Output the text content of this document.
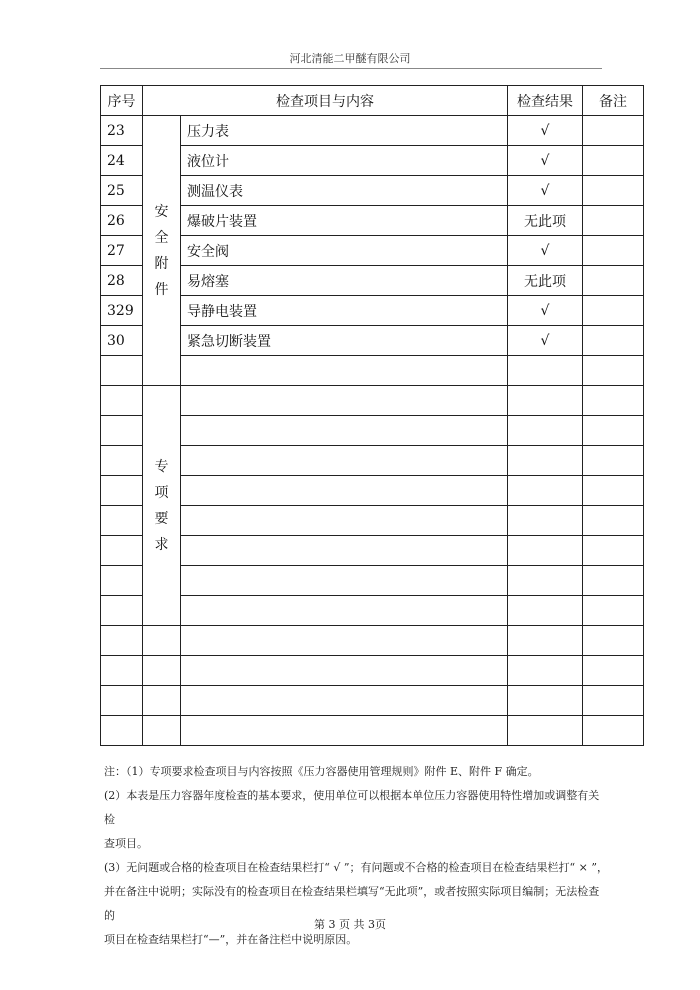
河北清能二甲醚有限公司
序号	检查项目与内容		检查结果	备注
23	安全附件	压力表	√	
24		液位计	√	
25		测温仪表	√	
26		爆破片装置	无此项	
27		安全阀	√	
28		易熔塞	无此项	
329		导静电装置	√	
30		紧急切断装置	√	

	专项要求			

注：（1）专项要求检查项目与内容按照《压力容器使用管理规则》附件 E、附件 F 确定。

(2）本表是压力容器年度检查的基本要求，使用单位可以根据本单位压力容器使用特性增加或调整有关检

查项目。

(3）无问题或合格的检查项目在检查结果栏打“ √ ”；有问题或不合格的检查项目在检查结果栏打“ × ”，

并在备注中说明；实际没有的检查项目在检查结果栏填写“无此项”，或者按照实际项目编制；无法检查的

项目在检查结果栏打“—”，并在备注栏中说明原因。

第 3 页 共 3页
